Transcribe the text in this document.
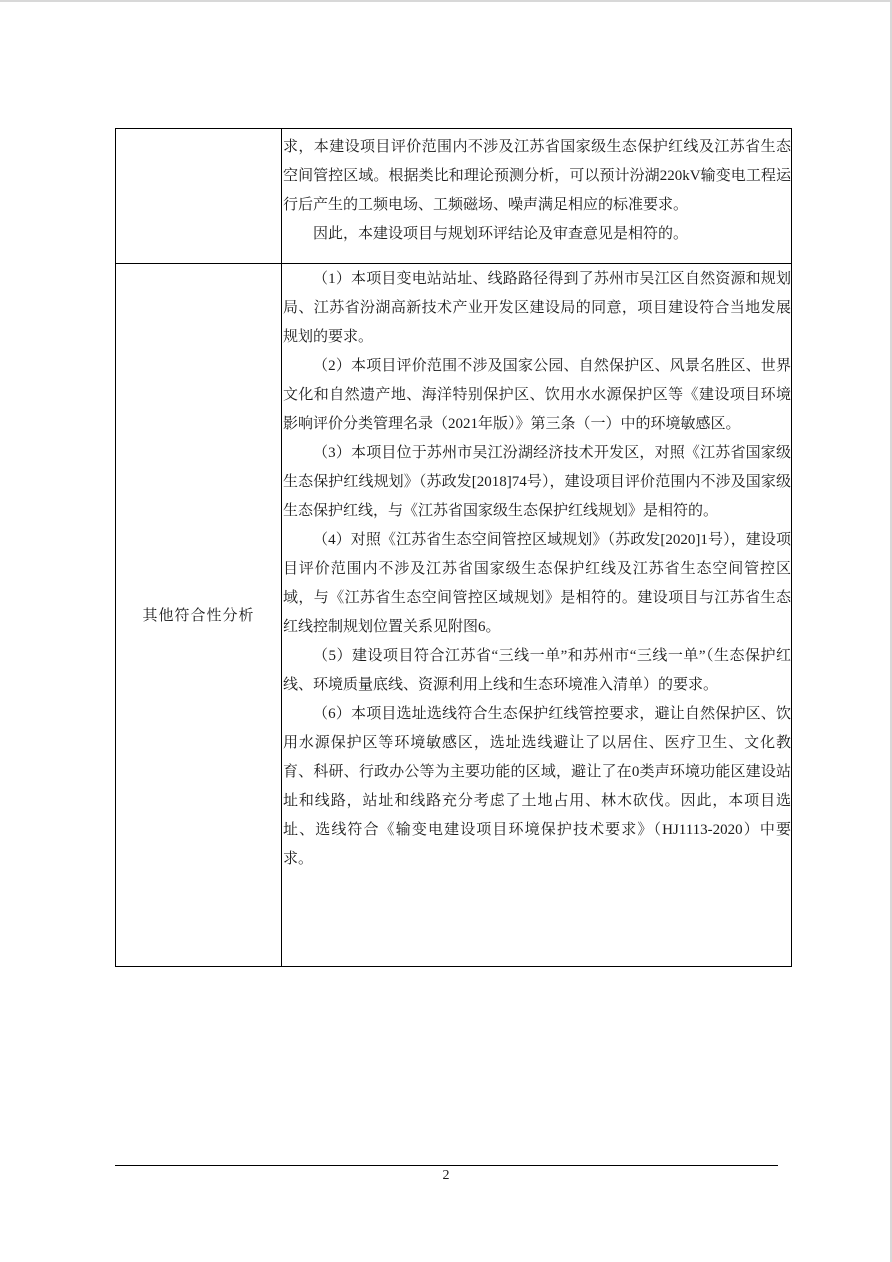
求，本建设项目评价范围内不涉及江苏省国家级生态保护红线及江苏省生态空间管控区域。根据类比和理论预测分析，可以预计汾湖220kV输变电工程运行后产生的工频电场、工频磁场、噪声满足相应的标准要求。

因此，本建设项目与规划环评结论及审查意见是相符的。

其他符合性分析

（1）本项目变电站站址、线路路径得到了苏州市吴江区自然资源和规划局、江苏省汾湖高新技术产业开发区建设局的同意，项目建设符合当地发展规划的要求。

（2）本项目评价范围不涉及国家公园、自然保护区、风景名胜区、世界文化和自然遗产地、海洋特别保护区、饮用水水源保护区等《建设项目环境影响评价分类管理名录（2021年版）》第三条（一）中的环境敏感区。

（3）本项目位于苏州市吴江汾湖经济技术开发区，对照《江苏省国家级生态保护红线规划》（苏政发[2018]74号），建设项目评价范围内不涉及国家级生态保护红线，与《江苏省国家级生态保护红线规划》是相符的。

（4）对照《江苏省生态空间管控区域规划》（苏政发[2020]1号），建设项目评价范围内不涉及江苏省国家级生态保护红线及江苏省生态空间管控区域，与《江苏省生态空间管控区域规划》是相符的。建设项目与江苏省生态红线控制规划位置关系见附图6。

（5）建设项目符合江苏省“三线一单”和苏州市“三线一单”（生态保护红线、环境质量底线、资源利用上线和生态环境准入清单）的要求。

（6）本项目选址选线符合生态保护红线管控要求，避让自然保护区、饮用水源保护区等环境敏感区，选址选线避让了以居住、医疗卫生、文化教育、科研、行政办公等为主要功能的区域，避让了在0类声环境功能区建设站址和线路，站址和线路充分考虑了土地占用、林木砍伐。因此，本项目选址、选线符合《输变电建设项目环境保护技术要求》（HJ1113-2020）中要求。

2
